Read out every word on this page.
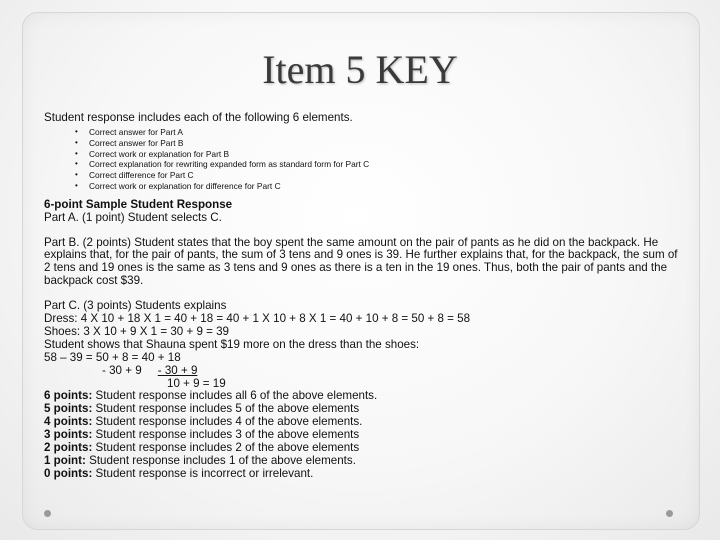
Item 5 KEY

Student response includes each of the following 6 elements.

• Correct answer for Part A
• Correct answer for Part B
• Correct work or explanation for Part B
• Correct explanation for rewriting expanded form as standard form for Part C
• Correct difference for Part C
• Correct work or explanation for difference for Part C

6-point Sample Student Response

Part A. (1 point) Student selects C.

Part B. (2 points) Student states that the boy spent the same amount on the pair of pants as he did on the backpack. He explains that, for the pair of pants, the sum of 3 tens and 9 ones is 39. He further explains that, for the backpack, the sum of 2 tens and 19 ones is the same as 3 tens and 9 ones as there is a ten in the 19 ones. Thus, both the pair of pants and the backpack cost $39.

Part C. (3 points) Students explains

Dress: 4 X 10 + 18 X 1 = 40 + 18 = 40 + 1 X 10 + 8 X 1 = 40 + 10 + 8 = 50 + 8 = 58

Shoes: 3 X 10 + 9 X 1 = 30 + 9 = 39

Student shows that Shauna spent $19 more on the dress than the shoes:

58 – 39 = 50 + 8 = 40 + 18

- 30 + 9 - 30 + 9

10 + 9 = 19

6 points: Student response includes all 6 of the above elements.

5 points: Student response includes 5 of the above elements

4 points: Student response includes 4 of the above elements.

3 points: Student response includes 3 of the above elements

2 points: Student response includes 2 of the above elements

1 point: Student response includes 1 of the above elements.

0 points: Student response is incorrect or irrelevant.
